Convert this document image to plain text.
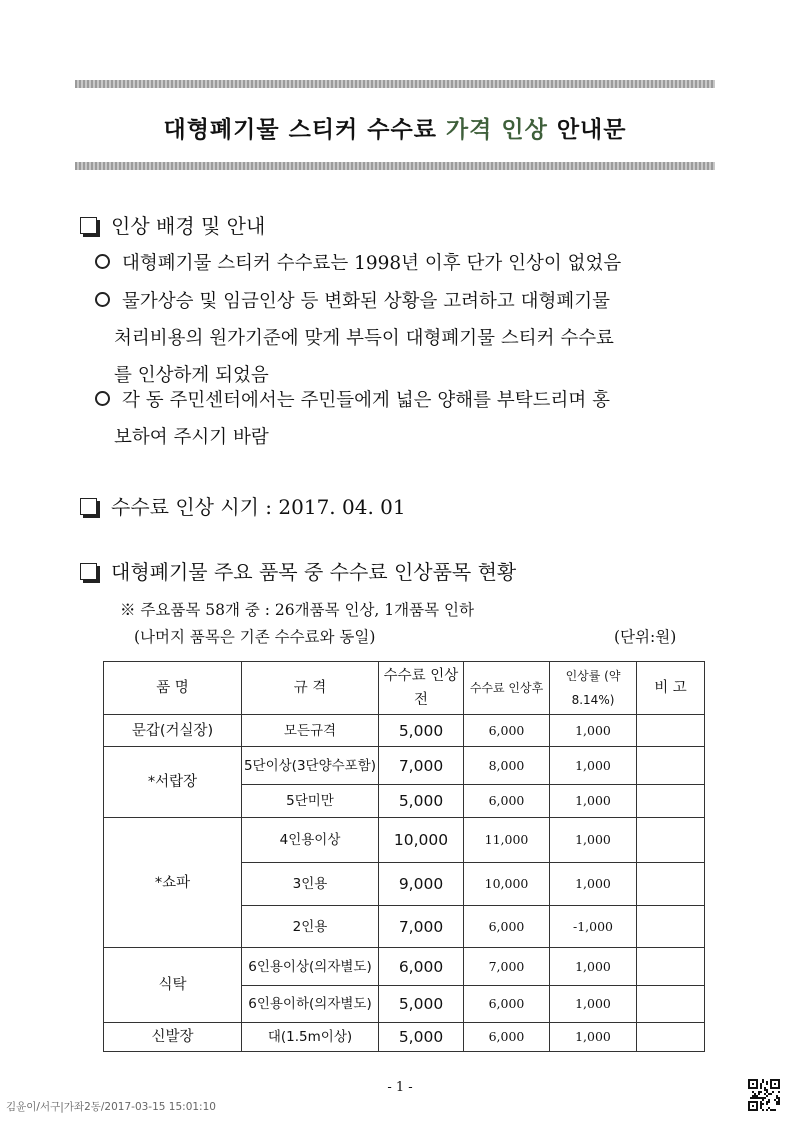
대형폐기물 스티커 수수료 가격 인상 안내문
인상 배경 및 안내
대형폐기물 스티커 수수료는 1998년 이후 단가 인상이 없었음
물가상승 및 임금인상 등 변화된 상황을 고려하고 대형폐기물
처리비용의 원가기준에 맞게 부득이 대형폐기물 스티커 수수료
를 인상하게 되었음
각 동 주민센터에서는 주민들에게 넓은 양해를 부탁드리며 홍
보하여 주시기 바람
수수료 인상 시기 : 2017. 04. 01
대형폐기물 주요 품목 중 수수료 인상품목 현황
※ 주요품목 58개 중 : 26개품목 인상, 1개품목 인하
(나머지 품목은 기존 수수료와 동일)	(단위:원)
품 명	규 격	수수료 인상전	수수료 인상후	인상률 (약8.14%)	비 고
문갑(거실장)	모든규격	5,000	6,000	1,000	
*서랍장	5단이상(3단양수포함)	7,000	8,000	1,000	
	5단미만	5,000	6,000	1,000	
*쇼파	4인용이상	10,000	11,000	1,000	
	3인용	9,000	10,000	1,000	
	2인용	7,000	6,000	-1,000	
식탁	6인용이상(의자별도)	6,000	7,000	1,000	
	6인용이하(의자별도)	5,000	6,000	1,000	
신발장	대(1.5m이상)	5,000	6,000	1,000	
- 1 -
김윤이/서구|가좌2동/2017-03-15 15:01:10
